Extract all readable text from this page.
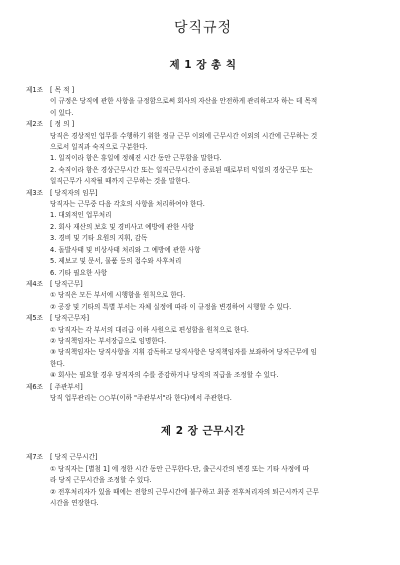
당직규정
제 1 장 총 칙
제1조	[ 목 적 ]
이 규정은 당직에 관한 사항을 규정함으로써 회사의 자산을 안전하게 관리하고자 하는 데 목적
이 있다.
제2조	[ 정 의 ]
당직은 경상적인 업무를 수행하기 위한 정규 근무 이외에 근무시간 이외의 시간에 근무하는 것
으로서 일직과 숙직으로 구분한다.
1. 일직이라 함은 휴일에 정해진 시간 동안 근무함을 말한다.
2. 숙직이라 함은 경상근무시간 또는 일직근무시간이 종료된 때로부터 익일의 경상근무 또는
일직근무가 시작될 때까지 근무하는 것을 말한다.
제3조	[ 당직자의 임무]
당직자는 근무중 다음 각호의 사항을 처리하여야 한다.
1. 대외적인 업무처리
2. 회사 재산의 보호 및 경비사고 예방에 관한 사항
3. 경비 및 기타 요원의 지휘, 감독
4. 돌발사태 및 비상사태 처리와 그 예방에 관한 사항
5. 제보고 및 문서, 물품 등의 접수와 사후처리
6. 기타 필요한 사항
제4조	[ 당직근무]
① 당직은 모든 부서에 시행함을 원칙으로 한다.
② 공장 및 기타의 특별 부서는 자체 실정에 따라 이 규정을 변경하여 시행할 수 있다.
제5조	[ 당직근무자]
① 당직자는 각 부서의 대리급 이하 사원으로 편성함을 원칙으로 한다.
② 당직책임자는 부서장급으로 임명한다.
③ 당직책임자는 당직사항을 지휘 감독하고 당직사항은 당직책임자를 보좌하여 당직근무에 임
한다.
④ 회사는 필요할 경우 당직자의 수를 증감하거나 당직의 직급을 조정할 수 있다.
제6조	[ 주관부서]
당직 업무관리는 ○○부(이하 "주관부서"라 한다)에서 주관한다.
제 2 장 근무시간
제7조	[ 당직 근무시간]
① 당직자는 [별첨 1] 에 정한 시간 동안 근무한다.단, 출근시간의 변경 또는 기타 사정에 따
라 당직 근무시간을 조정할 수 있다.
② 전후처리자가 있을 때에는 전항의 근무시간에 불구하고 최종 전후처리자의 퇴근시까지 근무
시간을 연장한다.
